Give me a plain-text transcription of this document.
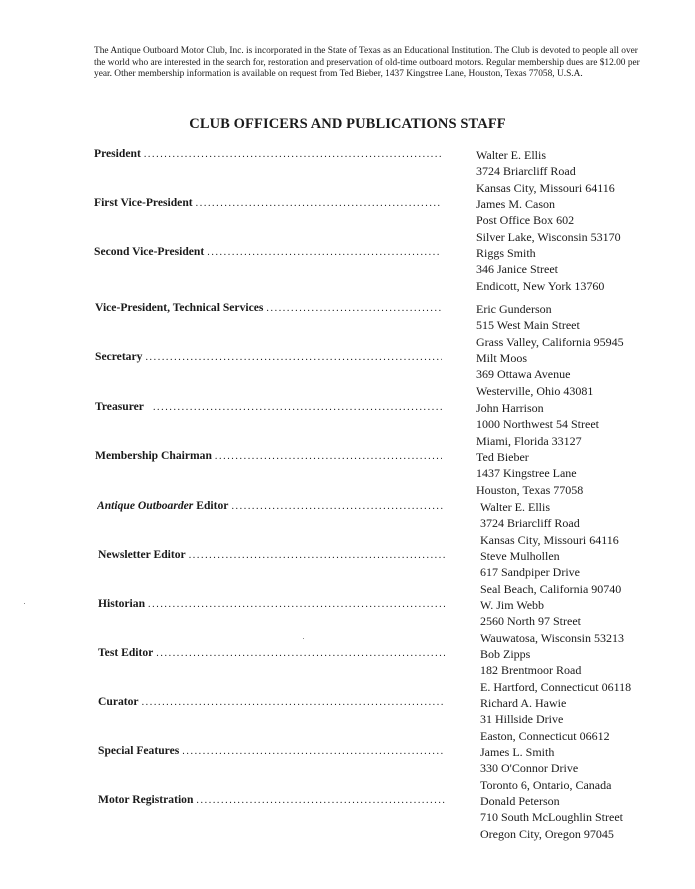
The Antique Outboard Motor Club, Inc. is incorporated in the State of Texas as an Educational Institution. The Club is devoted to people all over the world who are interested in the search for, restoration and preservation of old-time outboard motors. Regular membership dues are $12.00 per year. Other membership information is available on request from Ted Bieber, 1437 Kingstree Lane, Houston, Texas 77058, U.S.A.
CLUB OFFICERS AND PUBLICATIONS STAFF
President .....	Walter E. Ellis
3724 Briarcliff Road
Kansas City, Missouri 64116
First Vice-President .....	James M. Cason
Post Office Box 602
Silver Lake, Wisconsin 53170
Second Vice-President .....	Riggs Smith
346 Janice Street
Endicott, New York 13760
Vice-President, Technical Services .....	Eric Gunderson
515 West Main Street
Grass Valley, California 95945
Secretary .....	Milt Moos
369 Ottawa Avenue
Westerville, Ohio 43081
Treasurer .....	John Harrison
1000 Northwest 54 Street
Miami, Florida 33127
Membership Chairman .....	Ted Bieber
1437 Kingstree Lane
Houston, Texas 77058
Antique Outboarder
Editor .....	Walter E. Ellis
3724 Briarcliff Road
Kansas City, Missouri 64116
Newsletter Editor .....	Steve Mulhollen
617 Sandpiper Drive
Seal Beach, California 90740
Historian .....	W. Jim Webb
2560 North 97 Street
Wauwatosa, Wisconsin 53213
Test Editor .....	Bob Zipps
182 Brentmoor Road
E. Hartford, Connecticut 06118
Curator .....	Richard A. Hawie
31 Hillside Drive
Easton, Connecticut 06612
Special Features .....	James L. Smith
330 O'Connor Drive
Toronto 6, Ontario, Canada
Motor Registration .....	Donald Peterson
710 South McLoughlin Street
Oregon City, Oregon 97045
